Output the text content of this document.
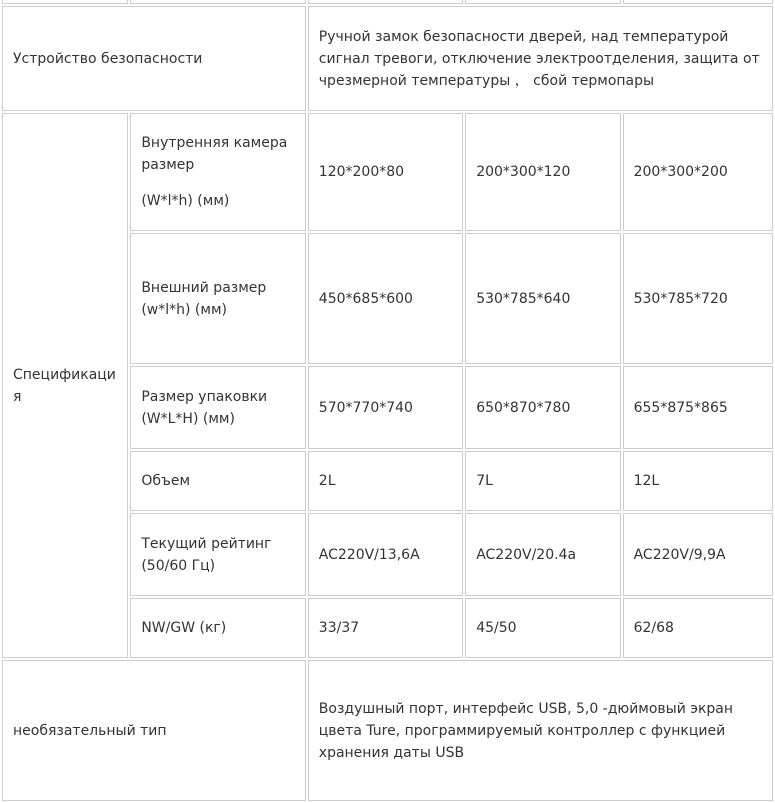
Устройство безопасности		Ручной замок безопасности дверей, над температурой
сигнал тревоги, отключение электроотделения, защита от
чрезмерной температуры ， сбой термопары		

Спецификация	Внутренняя камера
размер
(W*l*h) (мм)	120*200*80	200*300*120	200*300*200

	Внешний размер
(w*l*h) (мм)	450*685*600	530*785*640	530*785*720

	Размер упаковки
(W*L*H) (мм)	570*770*740	650*870*780	655*875*865

	Объем	2L	7L	12L

	Текущий рейтинг
(50/60 Гц)	AC220V/13,6A	AC220V/20.4a	AC220V/9,9A

	NW/GW (кг)	33/37	45/50	62/68
необязательный тип		Воздушный порт, интерфейс USB, 5,0 -дюймовый экран
цвета Ture, программируемый контроллер с функцией
хранения даты USB		
